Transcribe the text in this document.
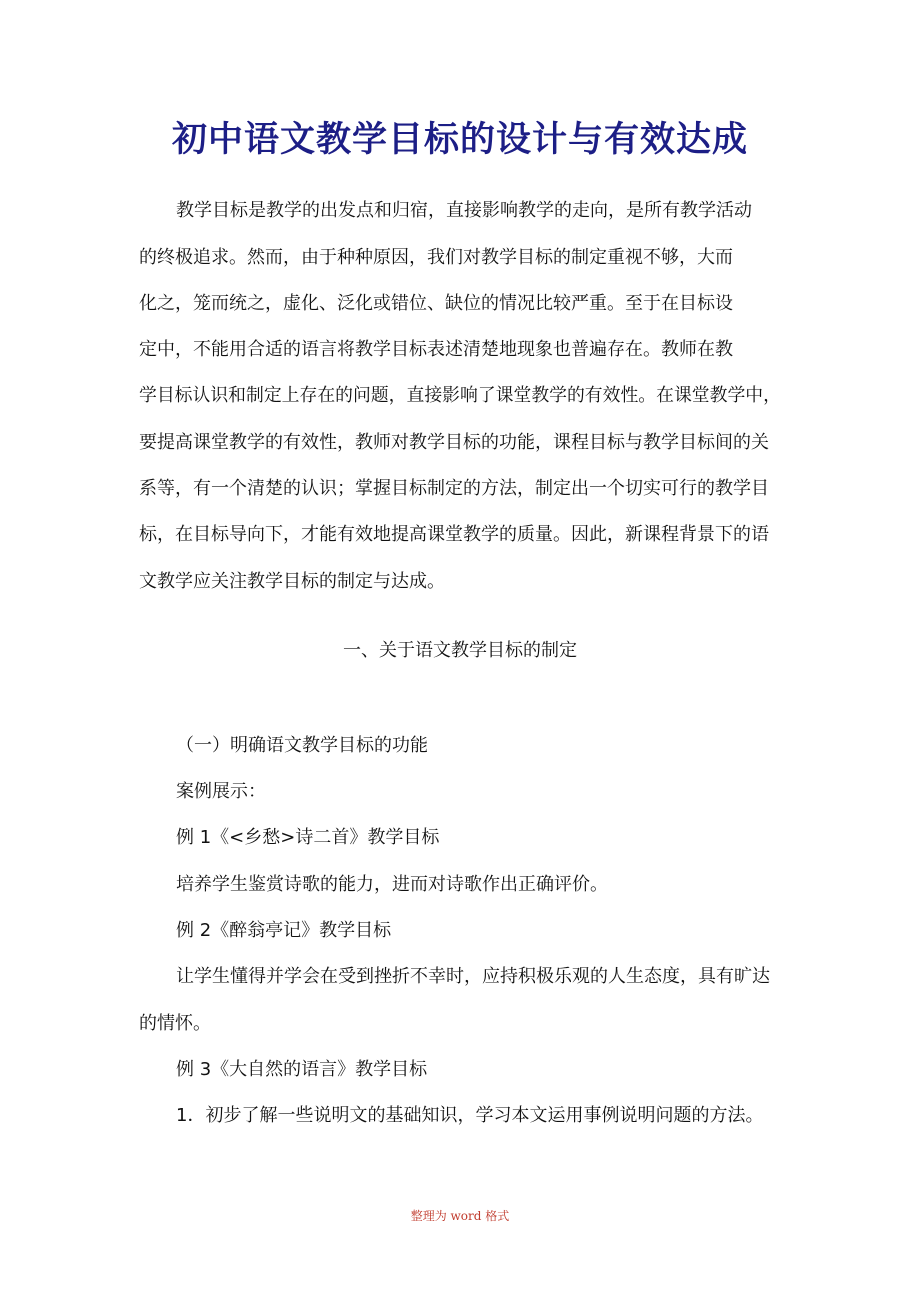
初中语文教学目标的设计与有效达成
教学目标是教学的出发点和归宿，直接影响教学的走向，是所有教学活动
的终极追求。然而，由于种种原因，我们对教学目标的制定重视不够，大而
化之，笼而统之，虚化、泛化或错位、缺位的情况比较严重。至于在目标设
定中，不能用合适的语言将教学目标表述清楚地现象也普遍存在。教师在教
学目标认识和制定上存在的问题，直接影响了课堂教学的有效性。在课堂教学中，
要提高课堂教学的有效性，教师对教学目标的功能，课程目标与教学目标间的关
系等，有一个清楚的认识；掌握目标制定的方法，制定出一个切实可行的教学目
标，在目标导向下，才能有效地提高课堂教学的质量。因此，新课程背景下的语
文教学应关注教学目标的制定与达成。
一、关于语文教学目标的制定
（一）明确语文教学目标的功能
案例展示：
例 1《<乡愁>诗二首》教学目标
培养学生鉴赏诗歌的能力，进而对诗歌作出正确评价。
例 2《醉翁亭记》教学目标
让学生懂得并学会在受到挫折不幸时，应持积极乐观的人生态度，具有旷达
的情怀。
例 3《大自然的语言》教学目标
1．初步了解一些说明文的基础知识，学习本文运用事例说明问题的方法。
整理为 word 格式
